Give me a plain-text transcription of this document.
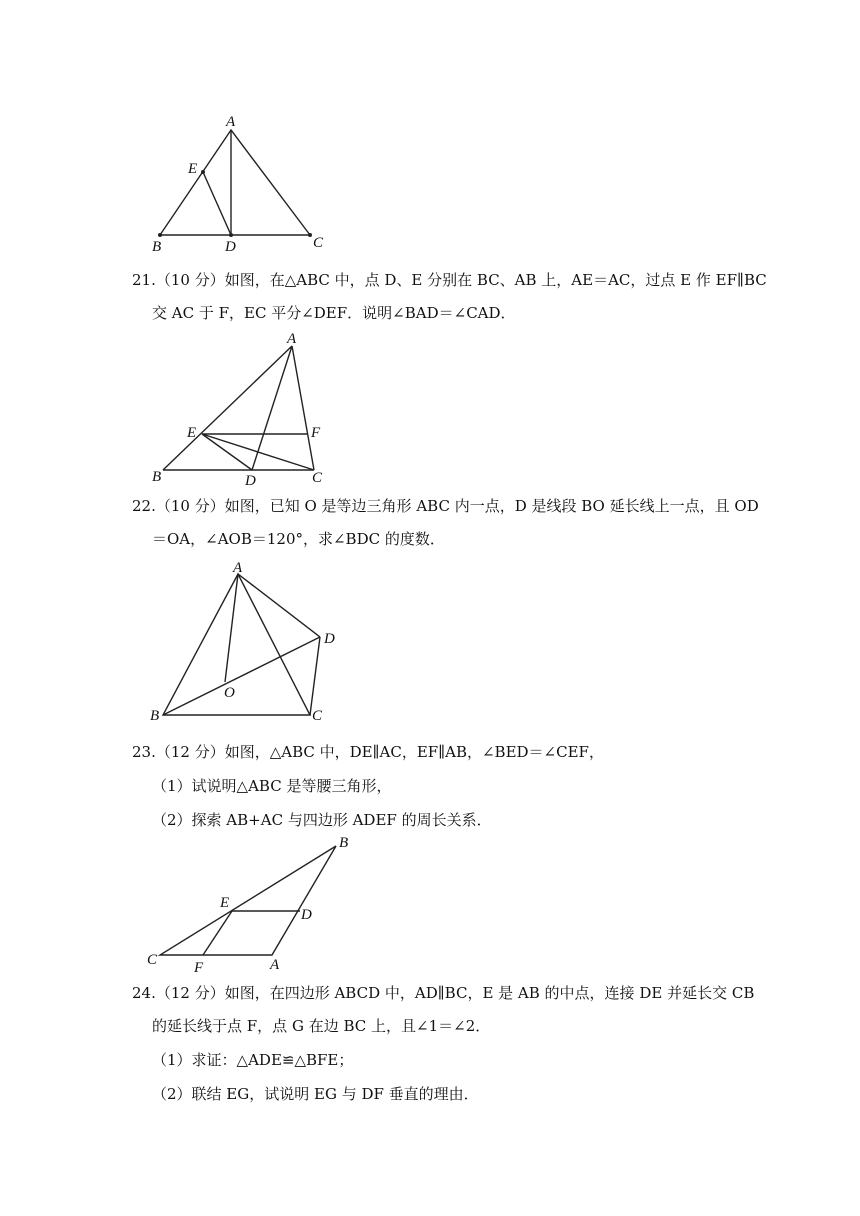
A
E
B	D	C
21.（10 分）如图，在△ABC 中，点 D、E 分别在 BC、AB 上，AE＝AC，过点 E 作 EF∥BC
交 AC 于 F，EC 平分∠DEF．说明∠BAD＝∠CAD．
A
E	F
B	D	C
22.（10 分）如图，已知 O 是等边三角形 ABC 内一点，D 是线段 BO 延长线上一点，且 OD
＝OA，∠AOB＝120°，求∠BDC 的度数．
A
D
O
B	C
23.（12 分）如图，△ABC 中，DE∥AC，EF∥AB，∠BED＝∠CEF，
（1）试说明△ABC 是等腰三角形，
（2）探索 AB+AC 与四边形 ADEF 的周长关系．
B
E
D
C F	A
24.（12 分）如图，在四边形 ABCD 中，AD∥BC，E 是 AB 的中点，连接 DE 并延长交 CB
的延长线于点 F，点 G 在边 BC 上，且∠1＝∠2．
（1）求证：△ADE≌△BFE；
（2）联结 EG，试说明 EG 与 DF 垂直的理由．
